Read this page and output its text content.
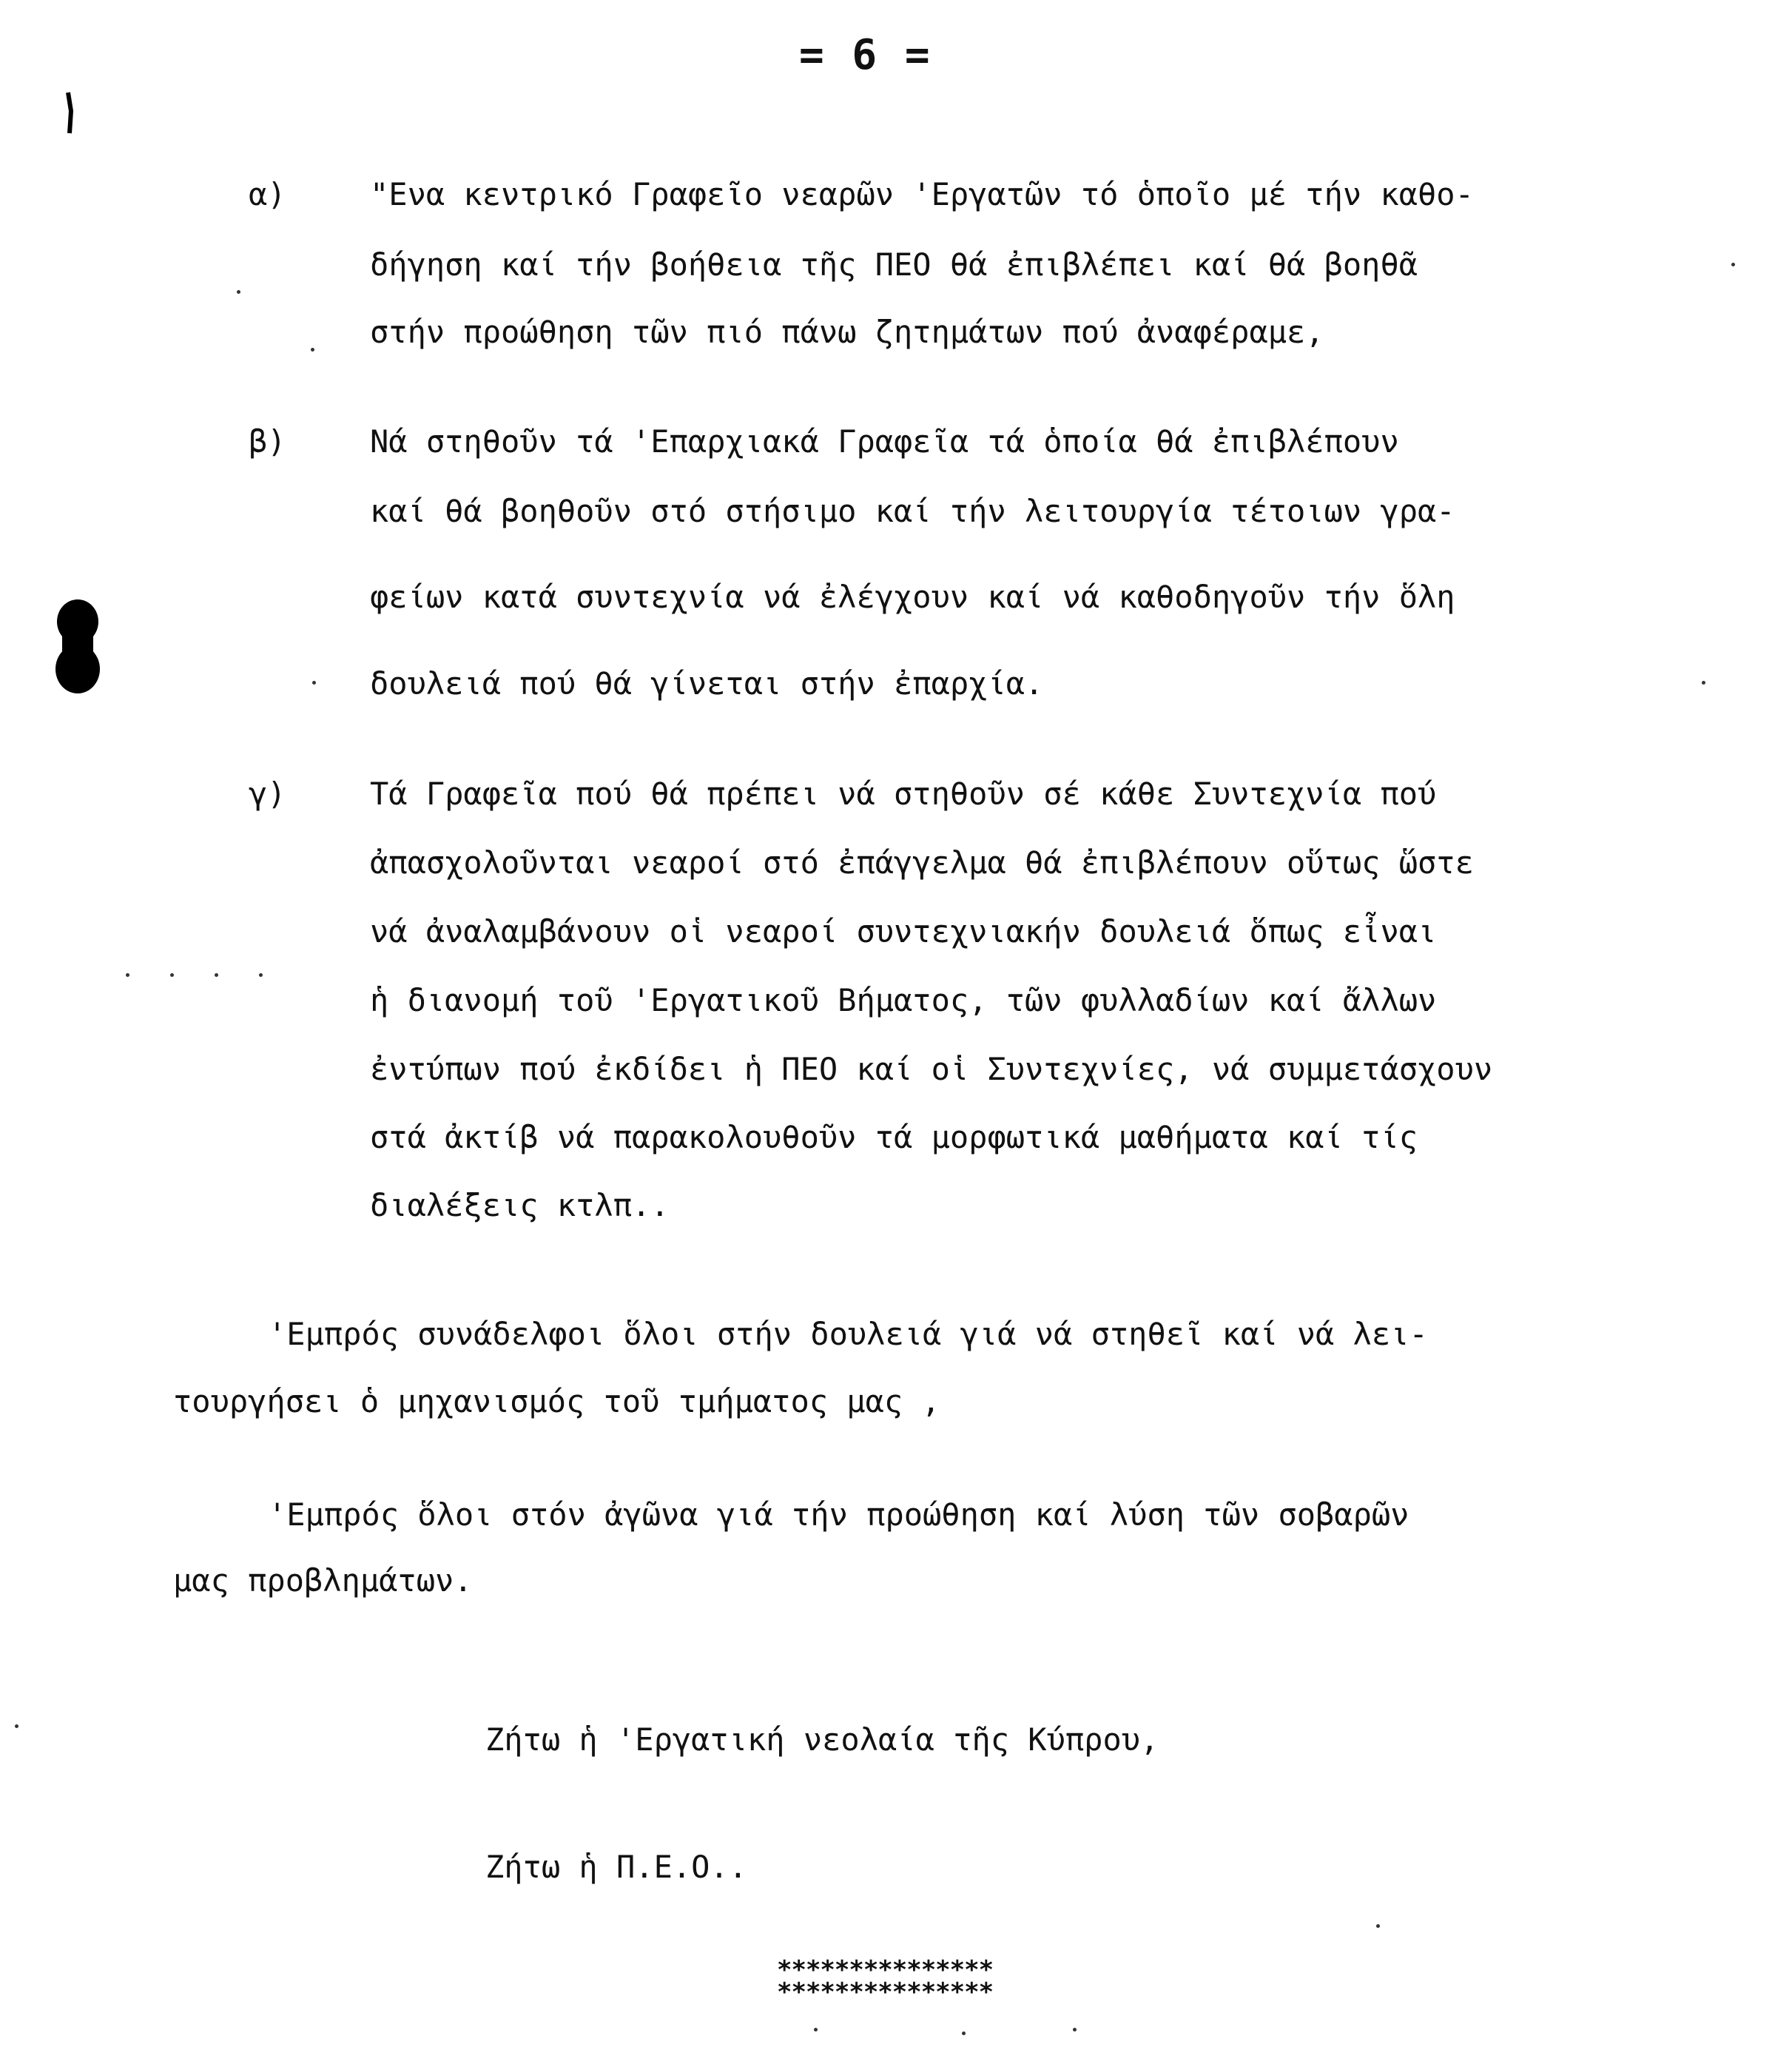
= 6 =
α)	"Ενα κεντρικό Γραφεῖο νεαρῶν 'Εργατῶν τό ὁποῖο μέ τήν καθο-
δήγηση καί τήν βοήθεια τῆς ΠΕΟ θά ἐπιβλέπει καί θά βοηθᾶ
στήν προώθηση τῶν πιό πάνω ζητημάτων πού ἀναφέραμε,
β)	Νά στηθοῦν τά 'Επαρχιακά Γραφεῖα τά ὁποία θά ἐπιβλέπουν
καί θά βοηθοῦν στό στήσιμο καί τήν λειτουργία τέτοιων γρα-
φείων κατά συντεχνία νά ἐλέγχουν καί νά καθοδηγοῦν τήν ὅλη
δουλειά πού θά γίνεται στήν ἐπαρχία.
γ)	Τά Γραφεῖα πού θά πρέπει νά στηθοῦν σέ κάθε Συντεχνία πού
ἀπασχολοῦνται νεαροί στό ἐπάγγελμα θά ἐπιβλέπουν οὕτως ὥστε
νά ἀναλαμβάνουν οἱ νεαροί συντεχνιακήν δουλειά ὅπως εἶναι
ἡ διανομή τοῦ 'Εργατικοῦ Βήματος, τῶν φυλλαδίων καί ἄλλων
ἐντύπων πού ἐκδίδει ἡ ΠΕΟ καί οἱ Συντεχνίες, νά συμμετάσχουν
στά ἀκτίβ νά παρακολουθοῦν τά μορφωτικά μαθήματα καί τίς
διαλέξεις κτλπ..
'Εμπρός συνάδελφοι ὅλοι στήν δουλειά γιά νά στηθεῖ καί νά λει-
τουργήσει ὁ μηχανισμός τοῦ τμήματος μας ,
'Εμπρός ὅλοι στόν ἀγῶνα γιά τήν προώθηση καί λύση τῶν σοβαρῶν
μας προβλημάτων.
Ζήτω ἡ 'Εργατική νεολαία τῆς Κύπρου,
Ζήτω ἡ Π.Ε.Ο..
***************
***************
